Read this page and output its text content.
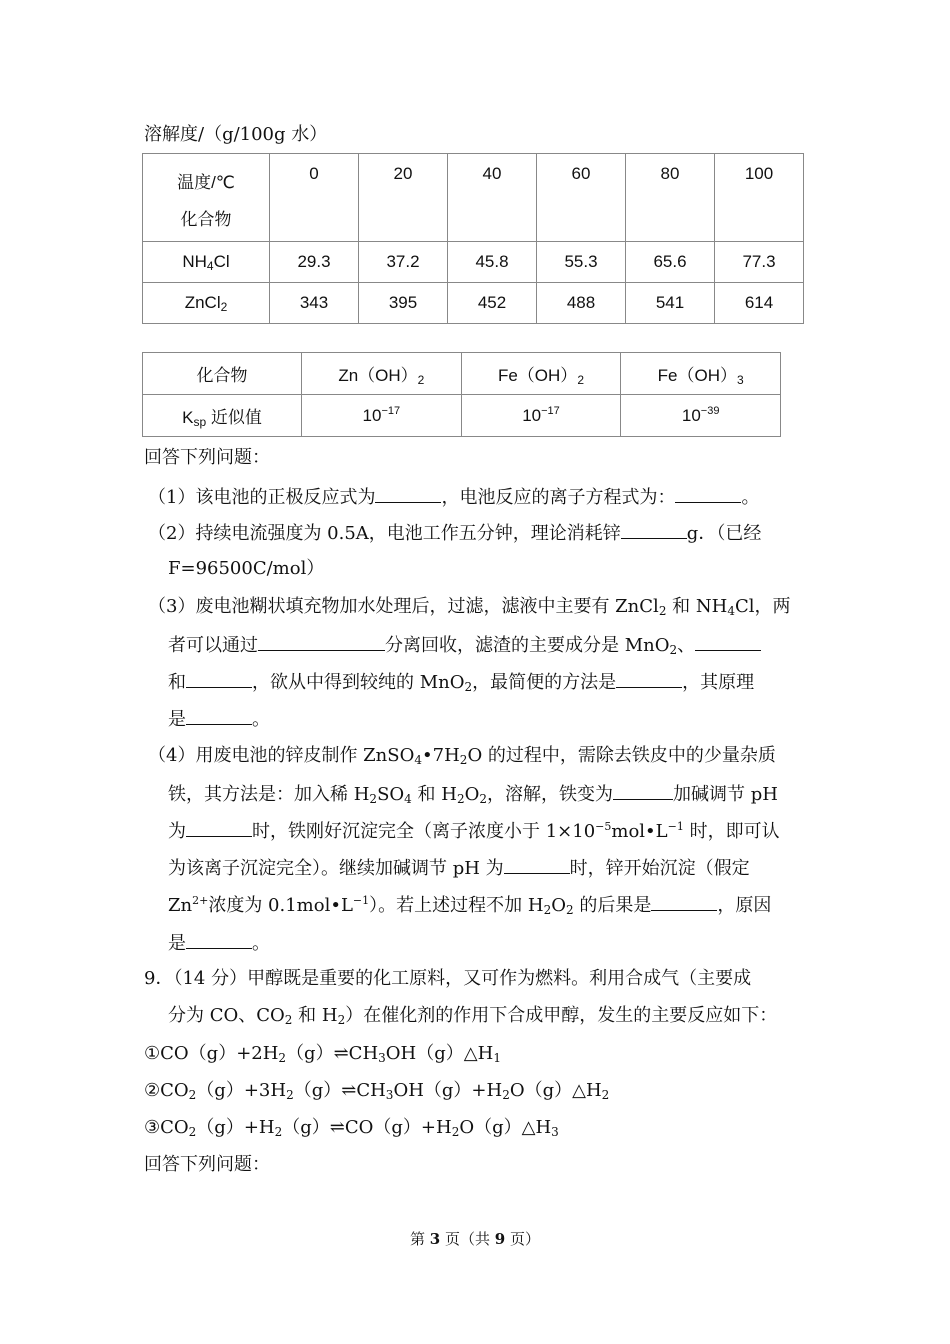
溶解度/（g/100g 水）
温度/℃
化合物	0	20	40	60	80	100
$NH_4Cl$	29.3	37.2	45.8	55.3	65.6	77.3
ZnCl$_2$	343	395	452	488	541	614
化合物	$Zn(OH)_2$	$Fe(OH)_2$	$Fe(OH)_3$
$K_{sp}$ 近似值	$10^{-17}$	$10^{-17}$	$10^{-39}$
回答下列问题：
（1）该电池的正极反应式为	，电池反应的离子方程式为：	。
（2）持续电流强度为 0.5A，电池工作五分钟，理论消耗锌	g．（已经
F=96500C/mol）
（3）废电池糊状填充物加水处理后，过滤，滤液中主要有 ZnCl$_2$ 和 $NH_4Cl$，两
者可以通过	分离回收，滤渣的主要成分是 MnO$_2$、
和	，欲从中得到较纯的 MnO$_2$，最简便的方法是	，其原理
是	。
（4）用废电池的锌皮制作 $ZnSO_4•7H_2O$ 的过程中，需除去铁皮中的少量杂质
铁，其方法是：加入稀 $H_2SO_4$ 和 $H_2O_2$，溶解，铁变为	加碱调节 pH
为	时，铁刚好沉淀完全（离子浓度小于 $1\times 10^{-5}mol•L^{-1}$ 时，即可认
为该离子沉淀完全）。继续加碱调节 pH 为	时，锌开始沉淀（假定
$Zn^{2+}$浓度为 $0.1mol•L^{-1}$）。若上述过程不加 $H_2O_2$ 的后果是	，原因
是	。
9．（14 分）甲醇既是重要的化工原料，又可作为燃料。利用合成气（主要成
分为 CO、$CO_2$ 和 $H_2$）在催化剂的作用下合成甲醇，发生的主要反应如下：
$①CO(g)+2H_2(g)\rightleftharpoons CH_3OH(g)\triangle H_1$
$②CO_2(g)+3H_2(g)\rightleftharpoons CH_3OH(g)+H_2O(g)\triangle H_2$
$③CO_2(g)+H_2(g)\rightleftharpoons CO(g)+H_2O(g)\triangle H_3$
回答下列问题：
第 3 页（共 9 页）
